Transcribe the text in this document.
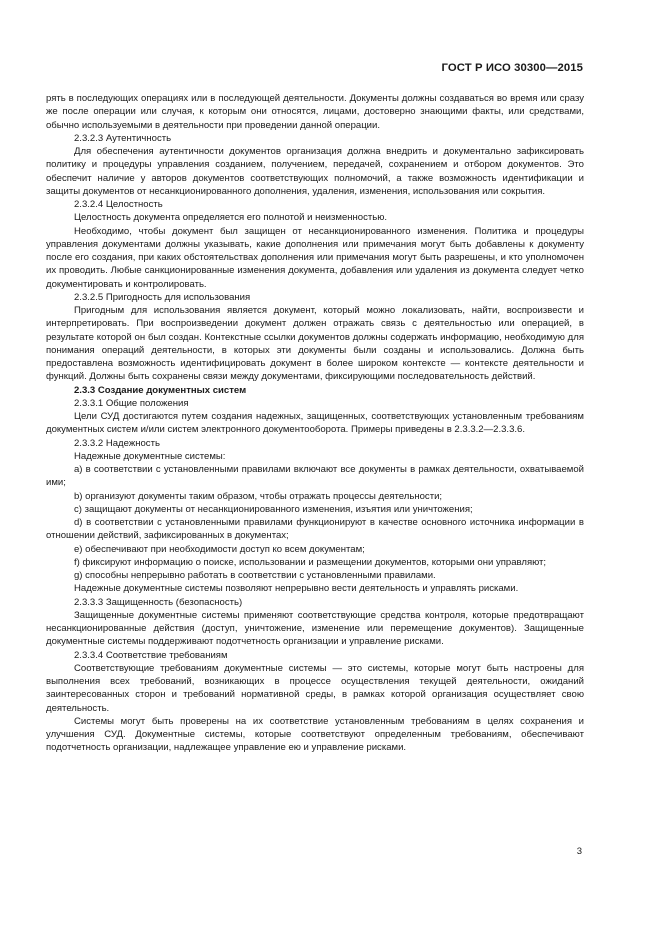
ГОСТ Р ИСО 30300—2015

рять в последующих операциях или в последующей деятельности. Документы должны создаваться во время или сразу же после операции или случая, к которым они относятся, лицами, достоверно знающими факты, или средствами, обычно используемыми в деятельности при проведении данной операции.

2.3.2.3 Аутентичность

Для обеспечения аутентичности документов организация должна внедрить и документально зафиксировать политику и процедуры управления созданием, получением, передачей, сохранением и отбором документов. Это обеспечит наличие у авторов документов соответствующих полномочий, а также возможность идентификации и защиты документов от несанкционированного дополнения, удаления, изменения, использования или сокрытия.

2.3.2.4 Целостность

Целостность документа определяется его полнотой и неизменностью.

Необходимо, чтобы документ был защищен от несанкционированного изменения. Политика и процедуры управления документами должны указывать, какие дополнения или примечания могут быть добавлены к документу после его создания, при каких обстоятельствах дополнения или примечания могут быть разрешены, и кто уполномочен их проводить. Любые санкционированные изменения документа, добавления или удаления из документа следует четко документировать и контролировать.

2.3.2.5 Пригодность для использования

Пригодным для использования является документ, который можно локализовать, найти, воспроизвести и интерпретировать. При воспроизведении документ должен отражать связь с деятельностью или операцией, в результате которой он был создан. Контекстные ссылки документов должны содержать информацию, необходимую для понимания операций деятельности, в которых эти документы были созданы и использовались. Должна быть предоставлена возможность идентифицировать документ в более широком контексте — контексте деятельности и функций. Должны быть сохранены связи между документами, фиксирующими последовательность действий.

2.3.3 Создание документных систем

2.3.3.1 Общие положения

Цели СУД достигаются путем создания надежных, защищенных, соответствующих установленным требованиям документных систем и/или систем электронного документооборота. Примеры приведены в 2.3.3.2—2.3.3.6.

2.3.3.2 Надежность

Надежные документные системы:

a) в соответствии с установленными правилами включают все документы в рамках деятельности, охватываемой ими;

b) организуют документы таким образом, чтобы отражать процессы деятельности;

c) защищают документы от несанкционированного изменения, изъятия или уничтожения;

d) в соответствии с установленными правилами функционируют в качестве основного источника информации в отношении действий, зафиксированных в документах;

e) обеспечивают при необходимости доступ ко всем документам;

f) фиксируют информацию о поиске, использовании и размещении документов, которыми они управляют;

g) способны непрерывно работать в соответствии с установленными правилами.

Надежные документные системы позволяют непрерывно вести деятельность и управлять рисками.

2.3.3.3 Защищенность (безопасность)

Защищенные документные системы применяют соответствующие средства контроля, которые предотвращают несанкционированные действия (доступ, уничтожение, изменение или перемещение документов). Защищенные документные системы поддерживают подотчетность организации и управление рисками.

2.3.3.4 Соответствие требованиям

Соответствующие требованиям документные системы — это системы, которые могут быть настроены для выполнения всех требований, возникающих в процессе осуществления текущей деятельности, ожиданий заинтересованных сторон и требований нормативной среды, в рамках которой организация осуществляет свою деятельность.

Системы могут быть проверены на их соответствие установленным требованиям в целях сохранения и улучшения СУД. Документные системы, которые соответствуют определенным требованиям, обеспечивают подотчетность организации, надлежащее управление ею и управление рисками.

3
